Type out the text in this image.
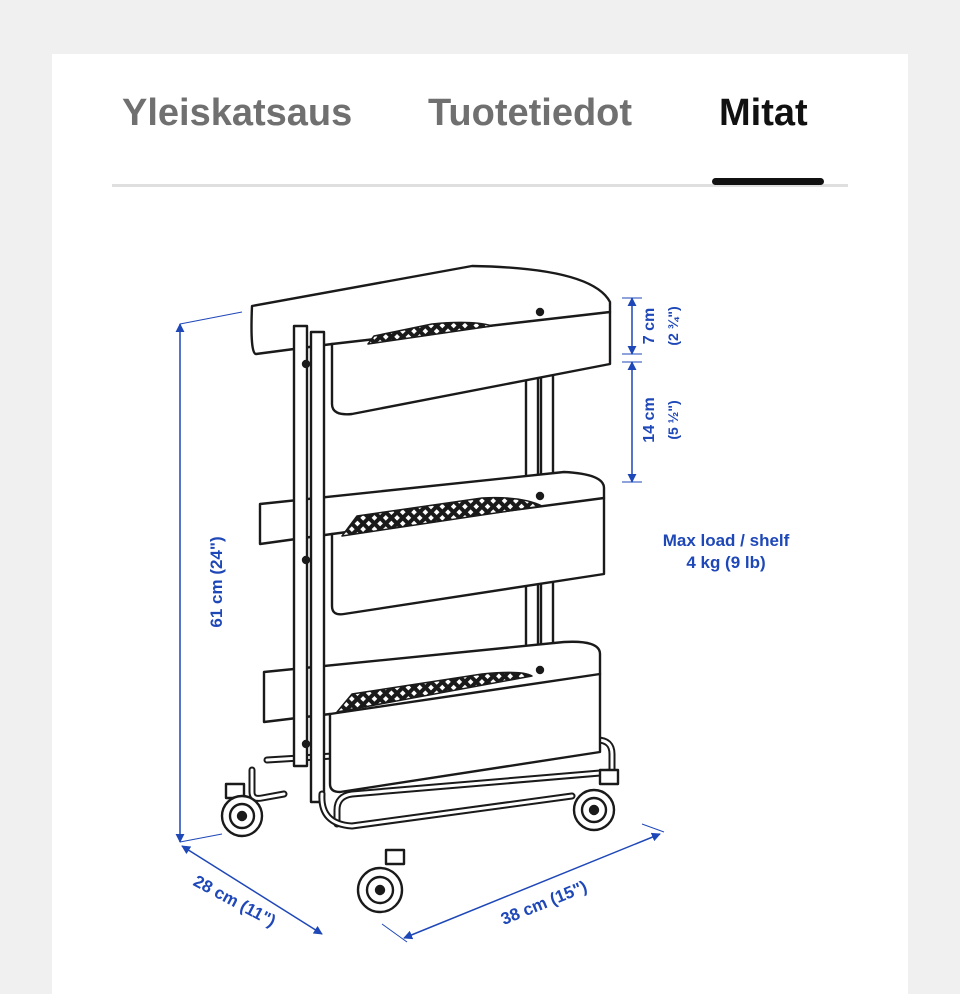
Yleiskatsaus Tuotetiedot Mitat
61 cm (24")
7 cm (2 ¾")
14 cm (5 ½")
28 cm (11")	38 cm (15")
Max load / shelf
4 kg (9 lb)
